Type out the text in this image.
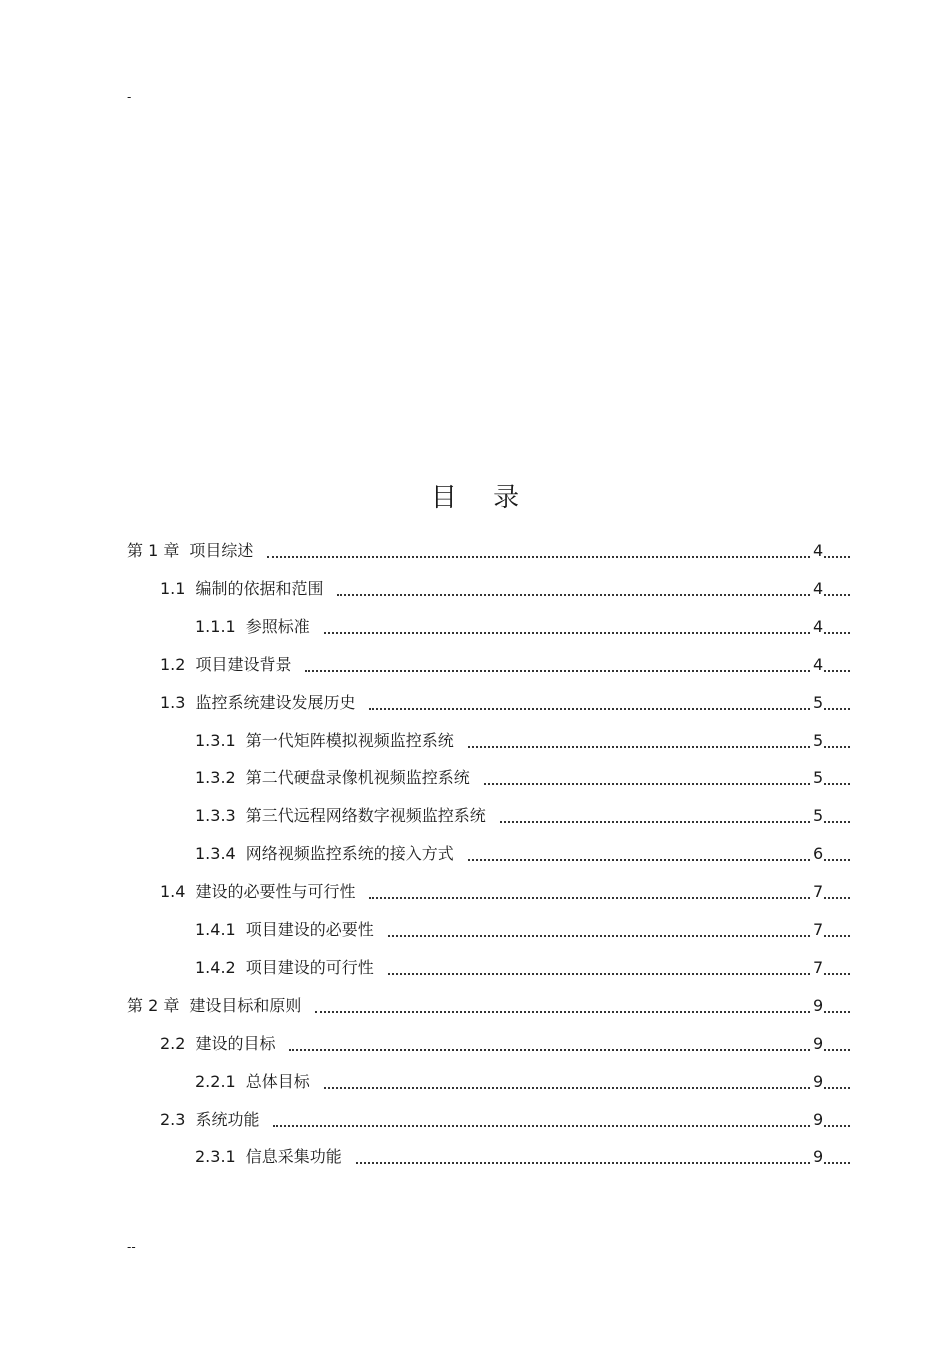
-
目 录
第 1 章 项目综述	4
1.1 编制的依据和范围	4
1.1.1 参照标准	4
1.2 项目建设背景	4
1.3 监控系统建设发展历史	5
1.3.1 第一代矩阵模拟视频监控系统	5
1.3.2 第二代硬盘录像机视频监控系统	5
1.3.3 第三代远程网络数字视频监控系统	5
1.3.4 网络视频监控系统的接入方式	6
1.4 建设的必要性与可行性	7
1.4.1 项目建设的必要性	7
1.4.2 项目建设的可行性	7
第 2 章 建设目标和原则	9
2.2 建设的目标	9
2.2.1 总体目标	9
2.3 系统功能	9
2.3.1 信息采集功能	9
--
